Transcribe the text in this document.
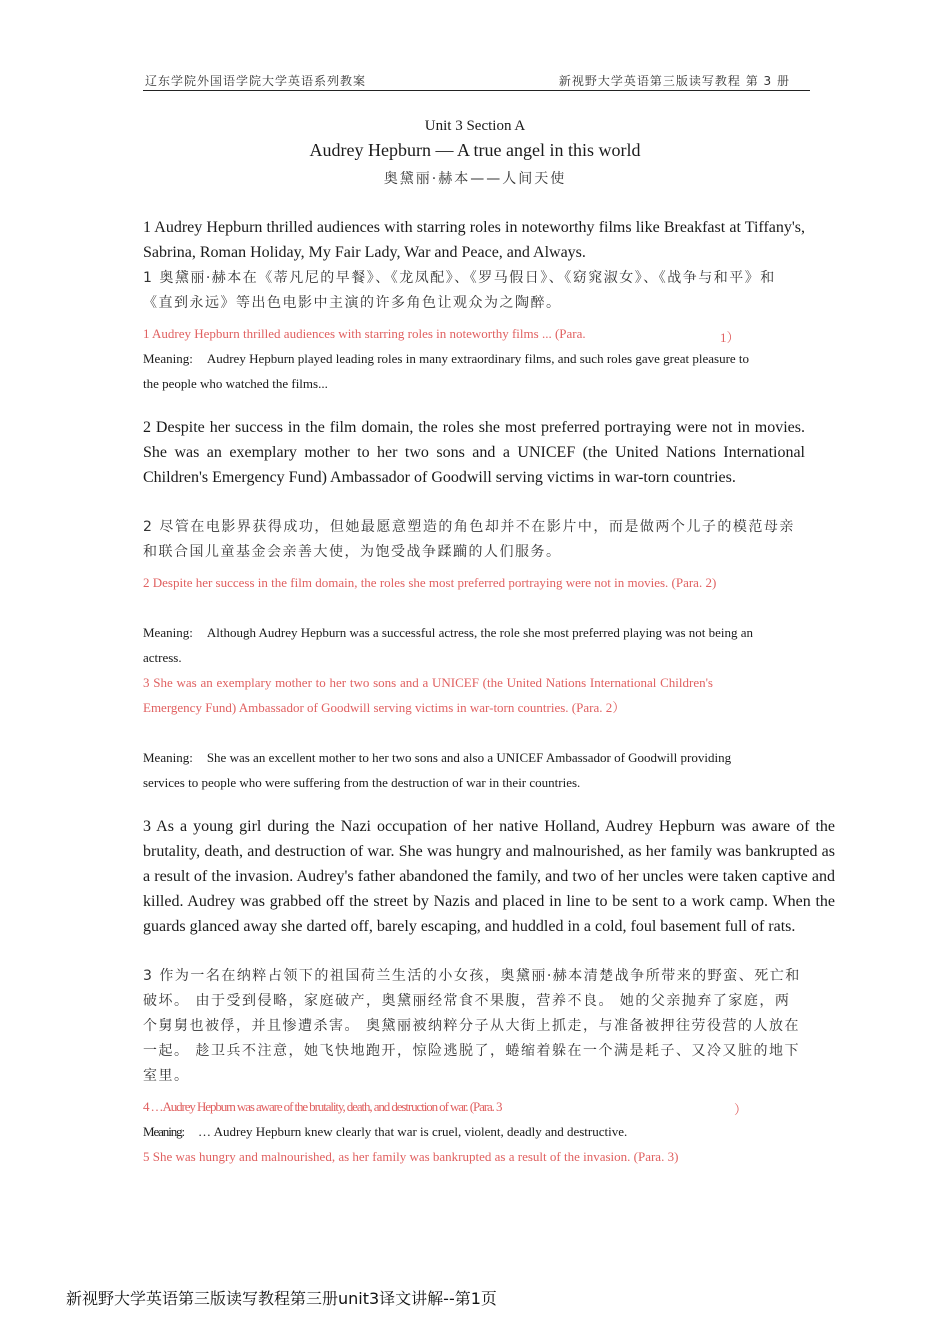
辽东学院外国语学院大学英语系列教案	新视野大学英语第三版读写教程 第 3 册
Unit 3 Section A
Audrey Hepburn — A true angel in this world
奥黛丽·赫本——人间天使

1 Audrey Hepburn thrilled audiences with starring roles in noteworthy films like Breakfast at Tiffany's, Sabrina, Roman Holiday, My Fair Lady, War and Peace, and Always.

1 奥黛丽·赫本在《蒂凡尼的早餐》、《龙凤配》、《罗马假日》、《窈窕淑女》、《战争与和平》和《直到永远》等出色电影中主演的许多角色让观众为之陶醉。

1 Audrey Hepburn thrilled audiences with starring roles in noteworthy films ... (Para.	1）

Meaning: Audrey Hepburn played leading roles in many extraordinary films, and such roles gave great pleasure to the people who watched the films...

2 Despite her success in the film domain, the roles she most preferred portraying were not in movies. She was an exemplary mother to her two sons and a UNICEF (the United Nations International Children's Emergency Fund) Ambassador of Goodwill serving victims in war-torn countries.

2 尽管在电影界获得成功，但她最愿意塑造的角色却并不在影片中，而是做两个儿子的模范母亲和联合国儿童基金会亲善大使，为饱受战争蹂躏的人们服务。

2 Despite her success in the film domain, the roles she most preferred portraying were not in movies. (Para. 2)

Meaning: Although Audrey Hepburn was a successful actress, the role she most preferred playing was not being an actress.

3 She was an exemplary mother to her two sons and a UNICEF (the United Nations International Children's Emergency Fund) Ambassador of Goodwill serving victims in war-torn countries. (Para. 2）

Meaning: She was an excellent mother to her two sons and also a UNICEF Ambassador of Goodwill providing services to people who were suffering from the destruction of war in their countries.

3 As a young girl during the Nazi occupation of her native Holland, Audrey Hepburn was aware of the brutality, death, and destruction of war. She was hungry and malnourished, as her family was bankrupted as a result of the invasion. Audrey's father abandoned the family, and two of her uncles were taken captive and killed. Audrey was grabbed off the street by Nazis and placed in line to be sent to a work camp. When the guards glanced away she darted off, barely escaping, and huddled in a cold, foul basement full of rats.

3 作为一名在纳粹占领下的祖国荷兰生活的小女孩，奥黛丽·赫本清楚战争所带来的野蛮、死亡和破坏。 由于受到侵略，家庭破产，奥黛丽经常食不果腹，营养不良。 她的父亲抛弃了家庭，两个舅舅也被俘，并且惨遭杀害。 奥黛丽被纳粹分子从大街上抓走，与准备被押往劳役营的人放在一起。 趁卫兵不注意，她飞快地跑开，惊险逃脱了，蜷缩着躲在一个满是耗子、又冷又脏的地下室里。

4 …Audrey Hepburn was aware of the brutality, death, and destruction of war. (Para. 3	）

Meaning: … Audrey Hepburn knew clearly that war is cruel, violent, deadly and destructive.

5 She was hungry and malnourished, as her family was bankrupted as a result of the invasion. (Para. 3)

新视野大学英语第三版读写教程第三册unit3译文讲解--第1页
